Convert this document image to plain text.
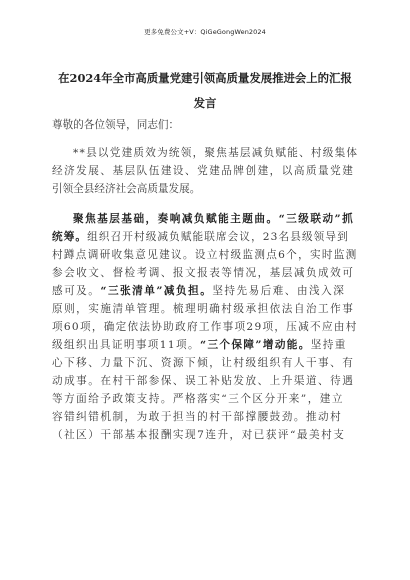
更多免费公文+V：QiGeGongWen2024
在2024年全市高质量党建引领高质量发展推进会上的汇报
发言
尊敬的各位领导，同志们：
**县以党建质效为统领，聚焦基层减负赋能、村级集体
经济发展、基层队伍建设、党建品牌创建，以高质量党建
引领全县经济社会高质量发展。
聚焦基层基础，奏响减负赋能主题曲。“三级联动”抓
统筹。组织召开村级减负赋能联席会议，23名县级领导到
村蹲点调研收集意见建议。设立村级监测点6个，实时监测
参会收文、督检考调、报文报表等情况，基层减负成效可
感可及。“三张清单”减负担。坚持先易后难、由浅入深
原则，实施清单管理。梳理明确村级承担依法自治工作事
项60项，确定依法协助政府工作事项29项，压减不应由村
级组织出具证明事项11项。“三个保障”增动能。坚持重
心下移、力量下沉、资源下倾，让村级组织有人干事、有
动成事。在村干部参保、误工补贴发放、上升渠道、待遇
等方面给予政策支持。严格落实“三个区分开来”，建立
容错纠错机制，为敢于担当的村干部撑腰鼓劲。推动村
（社区）干部基本报酬实现7连升，对已获评“最美村支
